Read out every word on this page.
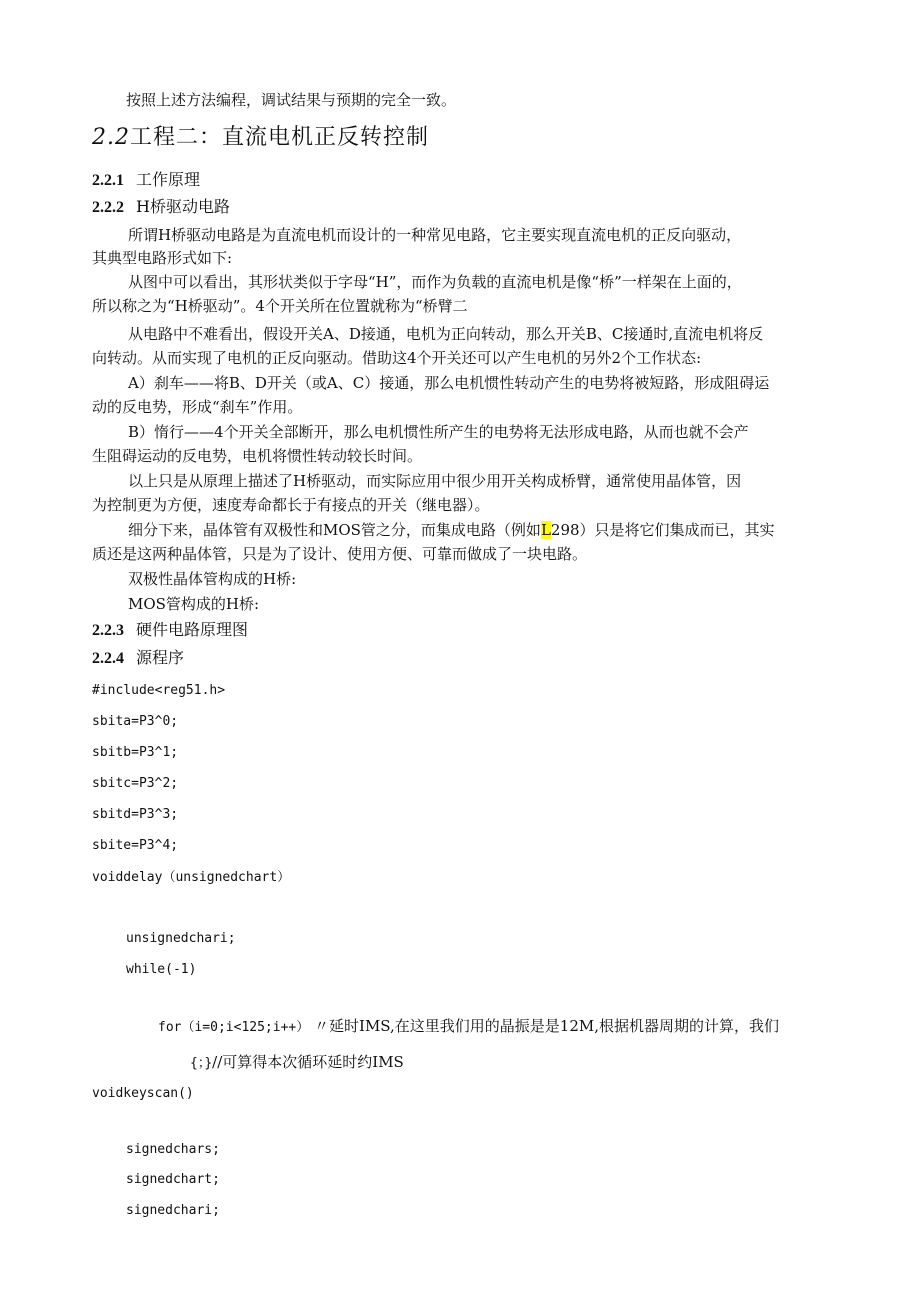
按照上述方法编程，调试结果与预期的完全一致。
2.2工程二：直流电机正反转控制
2.2.1 工作原理
2.2.2 H桥驱动电路
所谓H桥驱动电路是为直流电机而设计的一种常见电路，它主要实现直流电机的正反向驱动，
其典型电路形式如下:
从图中可以看出，其形状类似于字母“H”，而作为负载的直流电机是像“桥”一样架在上面的，
所以称之为“H桥驱动”。4个开关所在位置就称为“桥臂二
从电路中不难看出，假设开关A、D接通，电机为正向转动，那么开关B、C接通时,直流电机将反
向转动。从而实现了电机的正反向驱动。借助这4个开关还可以产生电机的另外2个工作状态:
A）刹车——将B、D开关（或A、C）接通，那么电机惯性转动产生的电势将被短路，形成阻碍运
动的反电势，形成“刹车”作用。
B）惰行——4个开关全部断开，那么电机惯性所产生的电势将无法形成电路，从而也就不会产
生阻碍运动的反电势，电机将惯性转动较长时间。
以上只是从原理上描述了H桥驱动，而实际应用中很少用开关构成桥臂，通常使用晶体管，因
为控制更为方便，速度寿命都长于有接点的开关（继电器）。
细分下来，晶体管有双极性和MOS管之分，而集成电路（例如L298）只是将它们集成而已，其实
质还是这两种晶体管，只是为了设计、使用方便、可靠而做成了一块电路。
双极性晶体管构成的H桥:
MOS管构成的H桥:
2.2.3 硬件电路原理图
2.2.4 源程序
#include<reg51.h>
sbita=P3^0;
sbitb=P3^1;
sbitc=P3^2;
sbitd=P3^3;
sbite=P3^4;
voiddelay（unsignedchart）
unsignedchari;
while(-1)
for（i=0;i<125;i++） 〃延时IMS,在这里我们用的晶振是是12M,根据机器周期的计算，我们
{；}//可算得本次循环延时约IMS
voidkeyscan()
signedchars;
signedchart;
signedchari;
